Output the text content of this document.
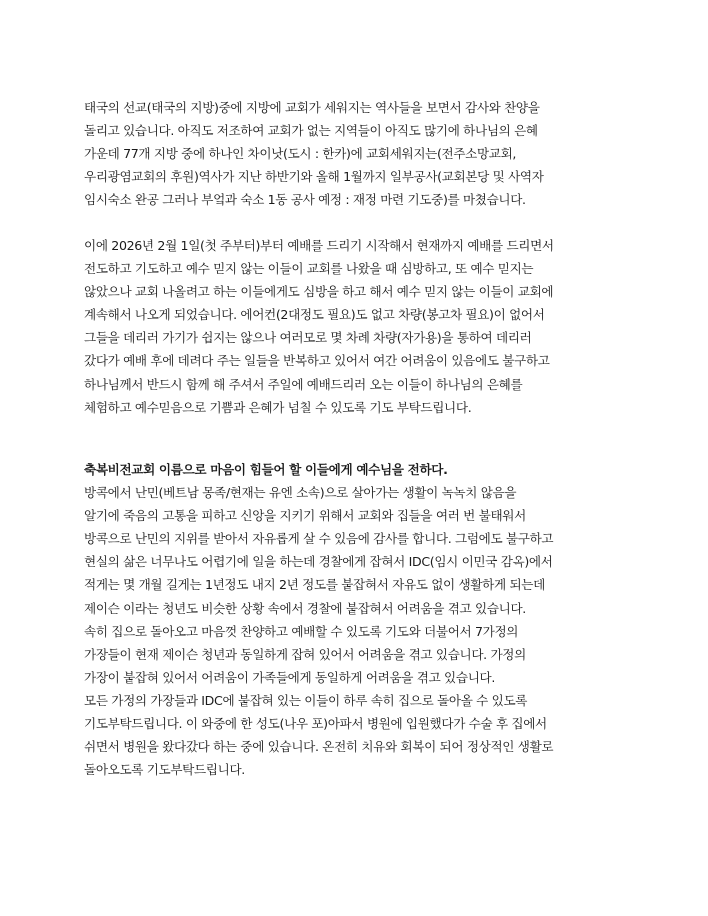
태국의 선교(태국의 지방)중에 지방에 교회가 세워지는 역사들을 보면서 감사와 찬양을
돌리고 있습니다. 아직도 저조하여 교회가 없는 지역들이 아직도 많기에 하나님의 은혜
가운데 77개 지방 중에 하나인 차이낫(도시 : 한카)에 교회세워지는(전주소망교회,
우리광염교회의 후원)역사가 지난 하반기와 올해 1월까지 일부공사(교회본당 및 사역자
임시숙소 완공 그러나 부엌과 숙소 1동 공사 예정 : 재정 마련 기도중)를 마쳤습니다.
이에 2026년 2월 1일(첫 주부터)부터 예배를 드리기 시작해서 현재까지 예배를 드리면서
전도하고 기도하고 예수 믿지 않는 이들이 교회를 나왔을 때 심방하고, 또 예수 믿지는
않았으나 교회 나올려고 하는 이들에게도 심방을 하고 해서 예수 믿지 않는 이들이 교회에
계속해서 나오게 되었습니다. 에어컨(2대정도 필요)도 없고 차량(봉고차 필요)이 없어서
그들을 데리러 가기가 쉽지는 않으나 여러모로 몇 차례 차량(자가용)을 통하여 데리러
갔다가 예배 후에 데려다 주는 일들을 반복하고 있어서 여간 어려움이 있음에도 불구하고
하나님께서 반드시 함께 해 주셔서 주일에 예배드리러 오는 이들이 하나님의 은혜를
체험하고 예수믿음으로 기쁨과 은혜가 넘칠 수 있도록 기도 부탁드립니다.
축복비전교회 이름으로 마음이 힘들어 할 이들에게 예수님을 전하다.
방콕에서 난민(베트남 몽족/현재는 유엔 소속)으로 살아가는 생활이 녹녹치 않음을
알기에 죽음의 고통을 피하고 신앙을 지키기 위해서 교회와 집들을 여러 번 불태워서
방콕으로 난민의 지위를 받아서 자유롭게 살 수 있음에 감사를 합니다. 그럼에도 불구하고
현실의 삶은 너무나도 어렵기에 일을 하는데 경찰에게 잡혀서 IDC(임시 이민국 감옥)에서
적게는 몇 개월 길게는 1년정도 내지 2년 정도를 붙잡혀서 자유도 없이 생활하게 되는데
제이슨 이라는 청년도 비슷한 상황 속에서 경찰에 붙잡혀서 어려움을 겪고 있습니다.
속히 집으로 돌아오고 마음껏 찬양하고 예배할 수 있도록 기도와 더불어서 7가정의
가장들이 현재 제이슨 청년과 동일하게 잡혀 있어서 어려움을 겪고 있습니다. 가정의
가장이 붙잡혀 있어서 어려움이 가족들에게 동일하게 어려움을 겪고 있습니다.
모든 가정의 가장들과 IDC에 붙잡혀 있는 이들이 하루 속히 집으로 돌아올 수 있도록
기도부탁드립니다. 이 와중에 한 성도(나우 포)아파서 병원에 입원했다가 수술 후 집에서
쉬면서 병원을 왔다갔다 하는 중에 있습니다. 온전히 치유와 회복이 되어 정상적인 생활로
돌아오도록 기도부탁드립니다.
